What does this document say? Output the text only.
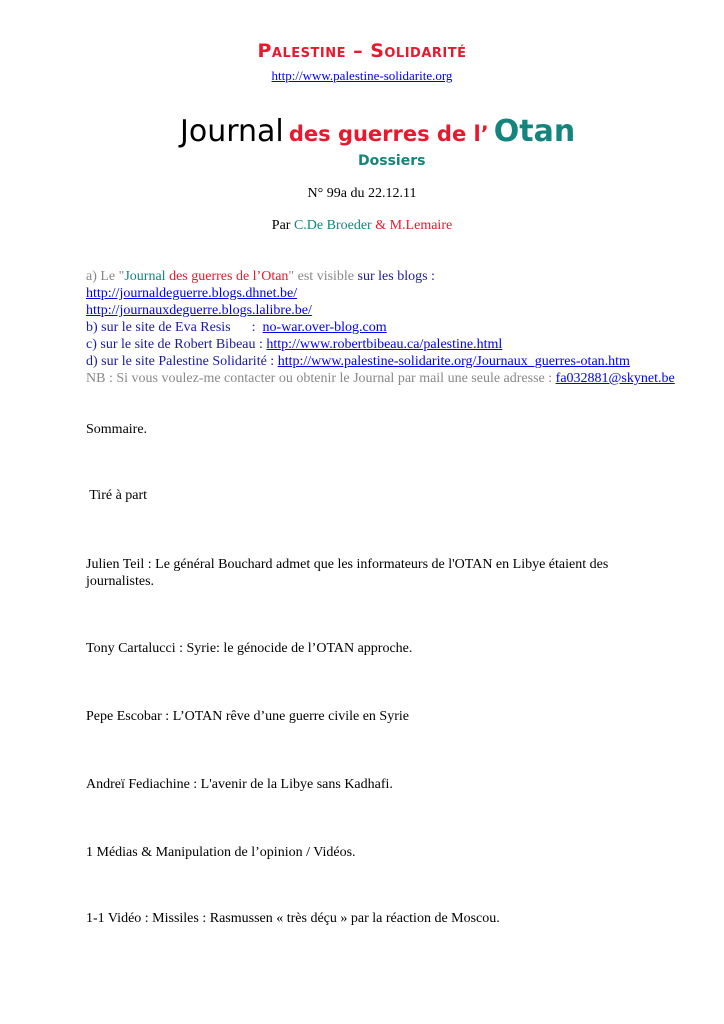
Palestine – Solidarité
http://www.palestine-solidarite.org
Journal des guerres de l’ Otan
Dossiers
N° 99a du 22.12.11
Par C.De Broeder & M.Lemaire
a) Le "Journal des guerres de l’Otan" est visible sur les blogs :
http://journaldeguerre.blogs.dhnet.be/
http://journauxdeguerre.blogs.lalibre.be/
b) sur le site de Eva Resis      :  no-war.over-blog.com
c) sur le site de Robert Bibeau : http://www.robertbibeau.ca/palestine.html
d) sur le site Palestine Solidarité : http://www.palestine-solidarite.org/Journaux_guerres-otan.htm
NB : Si vous voulez-me contacter ou obtenir le Journal par mail une seule adresse : fa032881@skynet.be
Sommaire.
Tiré à part
Julien Teil : Le général Bouchard admet que les informateurs de l'OTAN en Libye étaient des journalistes.
Tony Cartalucci : Syrie: le génocide de l’OTAN approche.
Pepe Escobar : L’OTAN rêve d’une guerre civile en Syrie
Andreï Fediachine : L'avenir de la Libye sans Kadhafi.
1 Médias & Manipulation de l’opinion / Vidéos.
1-1 Vidéo : Missiles : Rasmussen « très déçu » par la réaction de Moscou.
